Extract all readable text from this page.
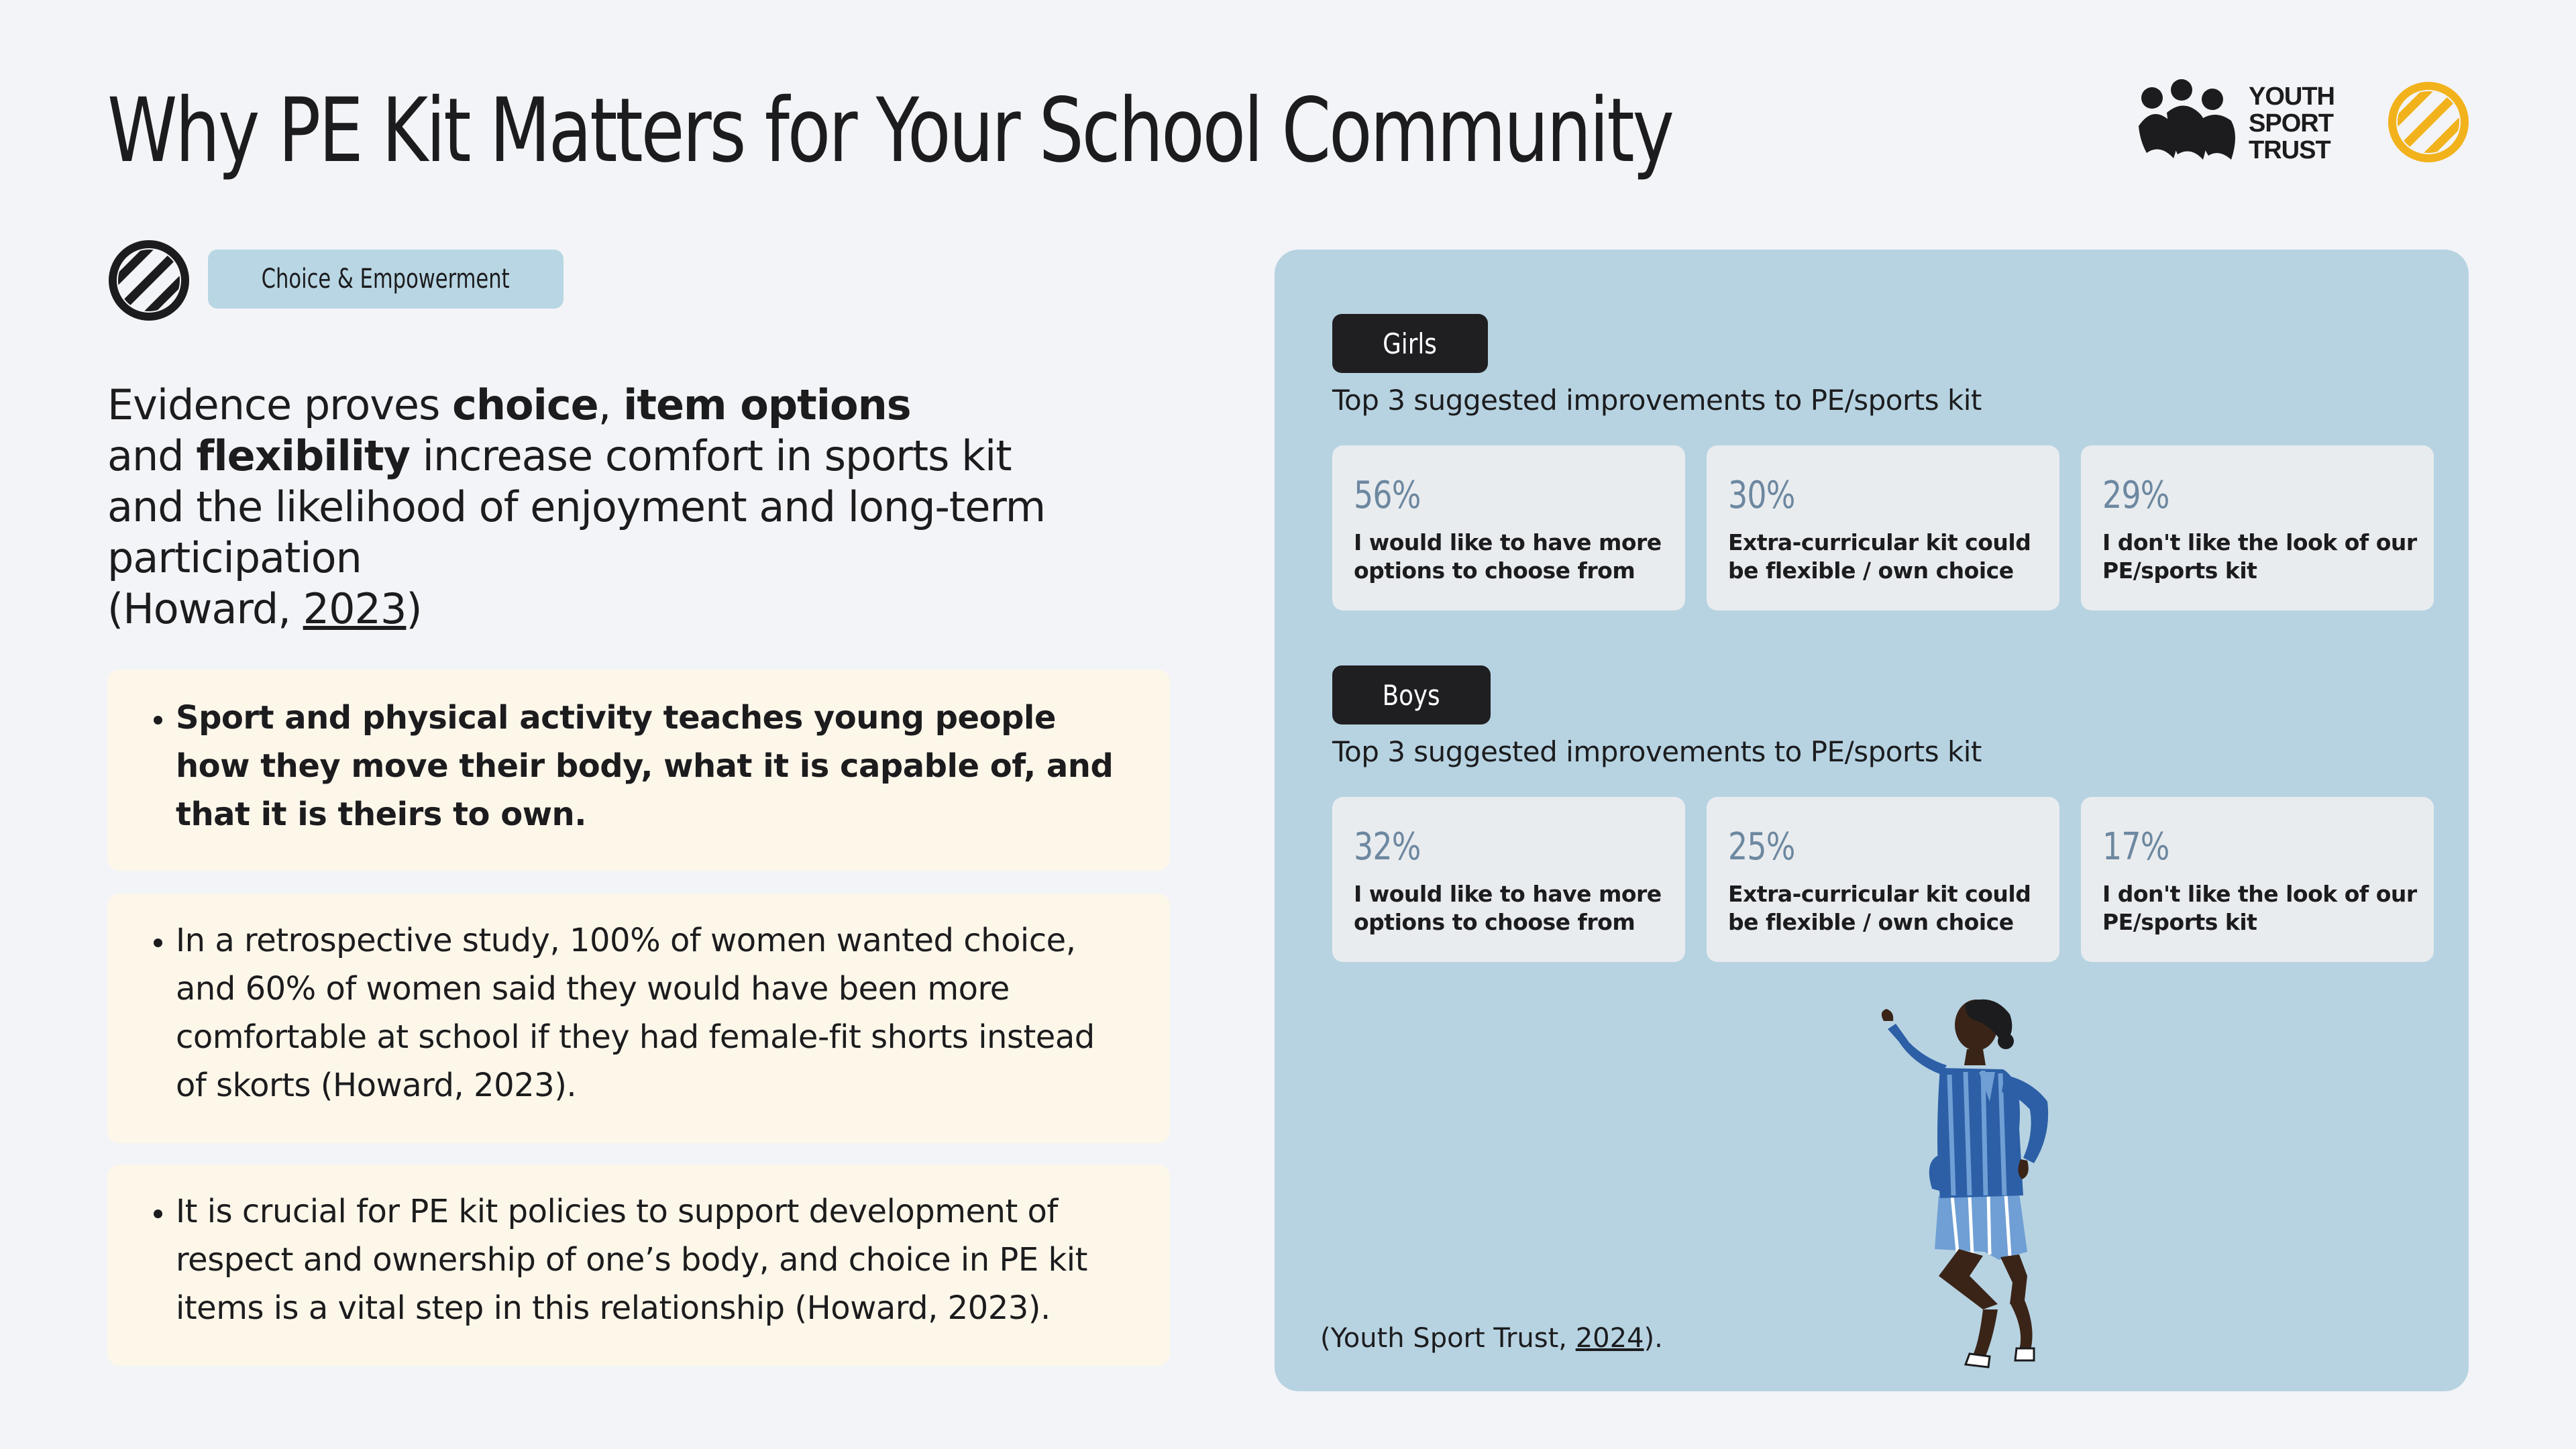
Why PE Kit Matters for Your School Community	YOUTH
SPORT
TRUST
Choice & Empowerment

Evidence proves choice, item options
and flexibility increase comfort in sports kit and the likelihood of enjoyment and long-term participation
(Howard, 2023)

• Sport and physical activity teaches young people how they move their body, what it is capable of, and that it is theirs to own.
• In a retrospective study, 100% of women wanted choice, and 60% of women said they would have been more comfortable at school if they had female-fit shorts instead of skorts (Howard, 2023).
• It is crucial for PE kit policies to support development of respect and ownership of one’s body, and choice in PE kit items is a vital step in this relationship (Howard, 2023).
Girls
Top 3 suggested improvements to PE/sports kit
56%
I would like to have more options to choose from
30%
Extra-curricular kit could be flexible / own choice
29%
I don't like the look of our PE/sports kit
Boys
Top 3 suggested improvements to PE/sports kit
32%
I would like to have more options to choose from
25%
Extra-curricular kit could be flexible / own choice
17%
I don't like the look of our PE/sports kit
(Youth Sport Trust, 2024).
